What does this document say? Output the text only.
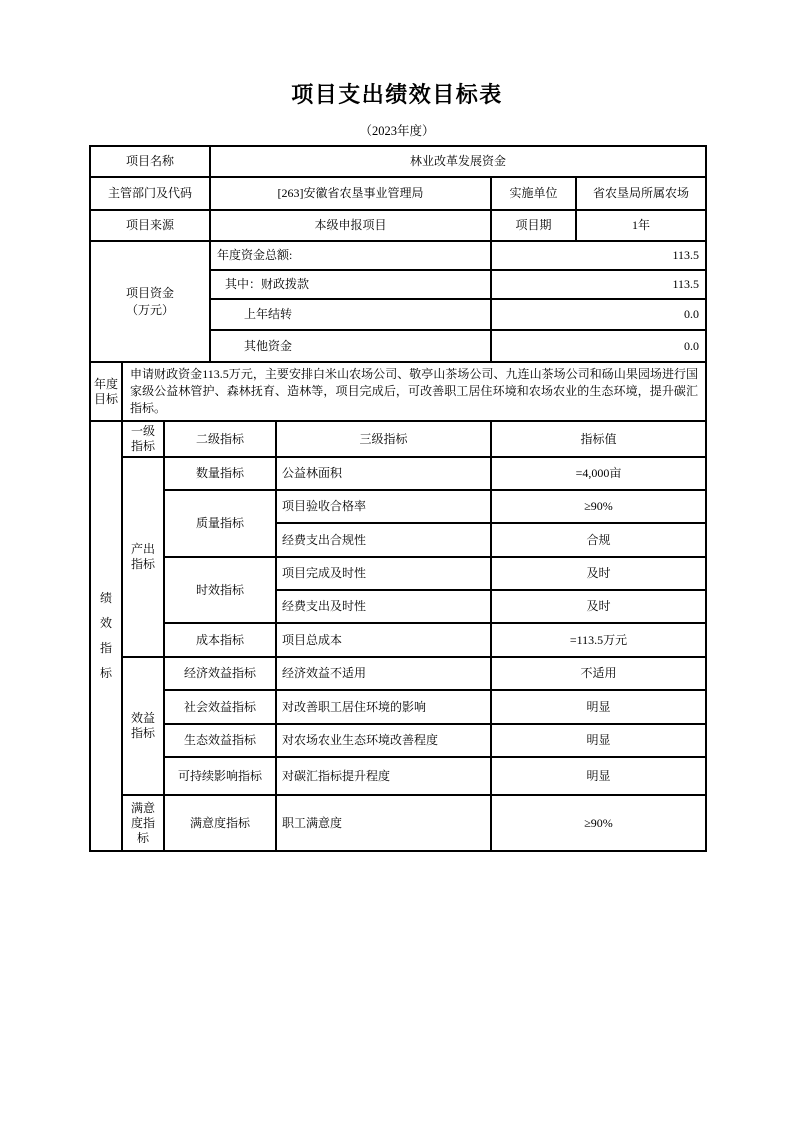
项目支出绩效目标表
（2023年度）
项目名称			林业改革发展资金			
主管部门及代码			[263]安徽省农垦事业管理局		实施单位	省农垦局所属农场
项目来源			本级申报项目		项目期	1年
项目资金（万元）			年度资金总额:		113.5	
			其中：财政拨款		113.5	
			上年结转		0.0	
			其他资金		0.0	
年度目标	申请财政资金113.5万元，主要安排白米山农场公司、敬亭山茶场公司、九连山茶场公司和砀山果园场进行国家级公益林管护、森林抚育、造林等，项目完成后，可改善职工居住环境和农场农业的生态环境，提升碳汇指标。					
绩效指标	一级指标	二级指标		三级指标	指标值	
	产出指标	数量指标		公益林面积	=4,000亩	
		质量指标		项目验收合格率	≥90%	
				经费支出合规性	合规	
		时效指标		项目完成及时性	及时	
				经费支出及时性	及时	
		成本指标		项目总成本	=113.5万元	
	效益指标	经济效益指标		经济效益不适用	不适用	
		社会效益指标		对改善职工居住环境的影响	明显	
		生态效益指标		对农场农业生态环境改善程度	明显	
		可持续影响指标		对碳汇指标提升程度	明显	
	满意度指标	满意度指标		职工满意度	≥90%	
